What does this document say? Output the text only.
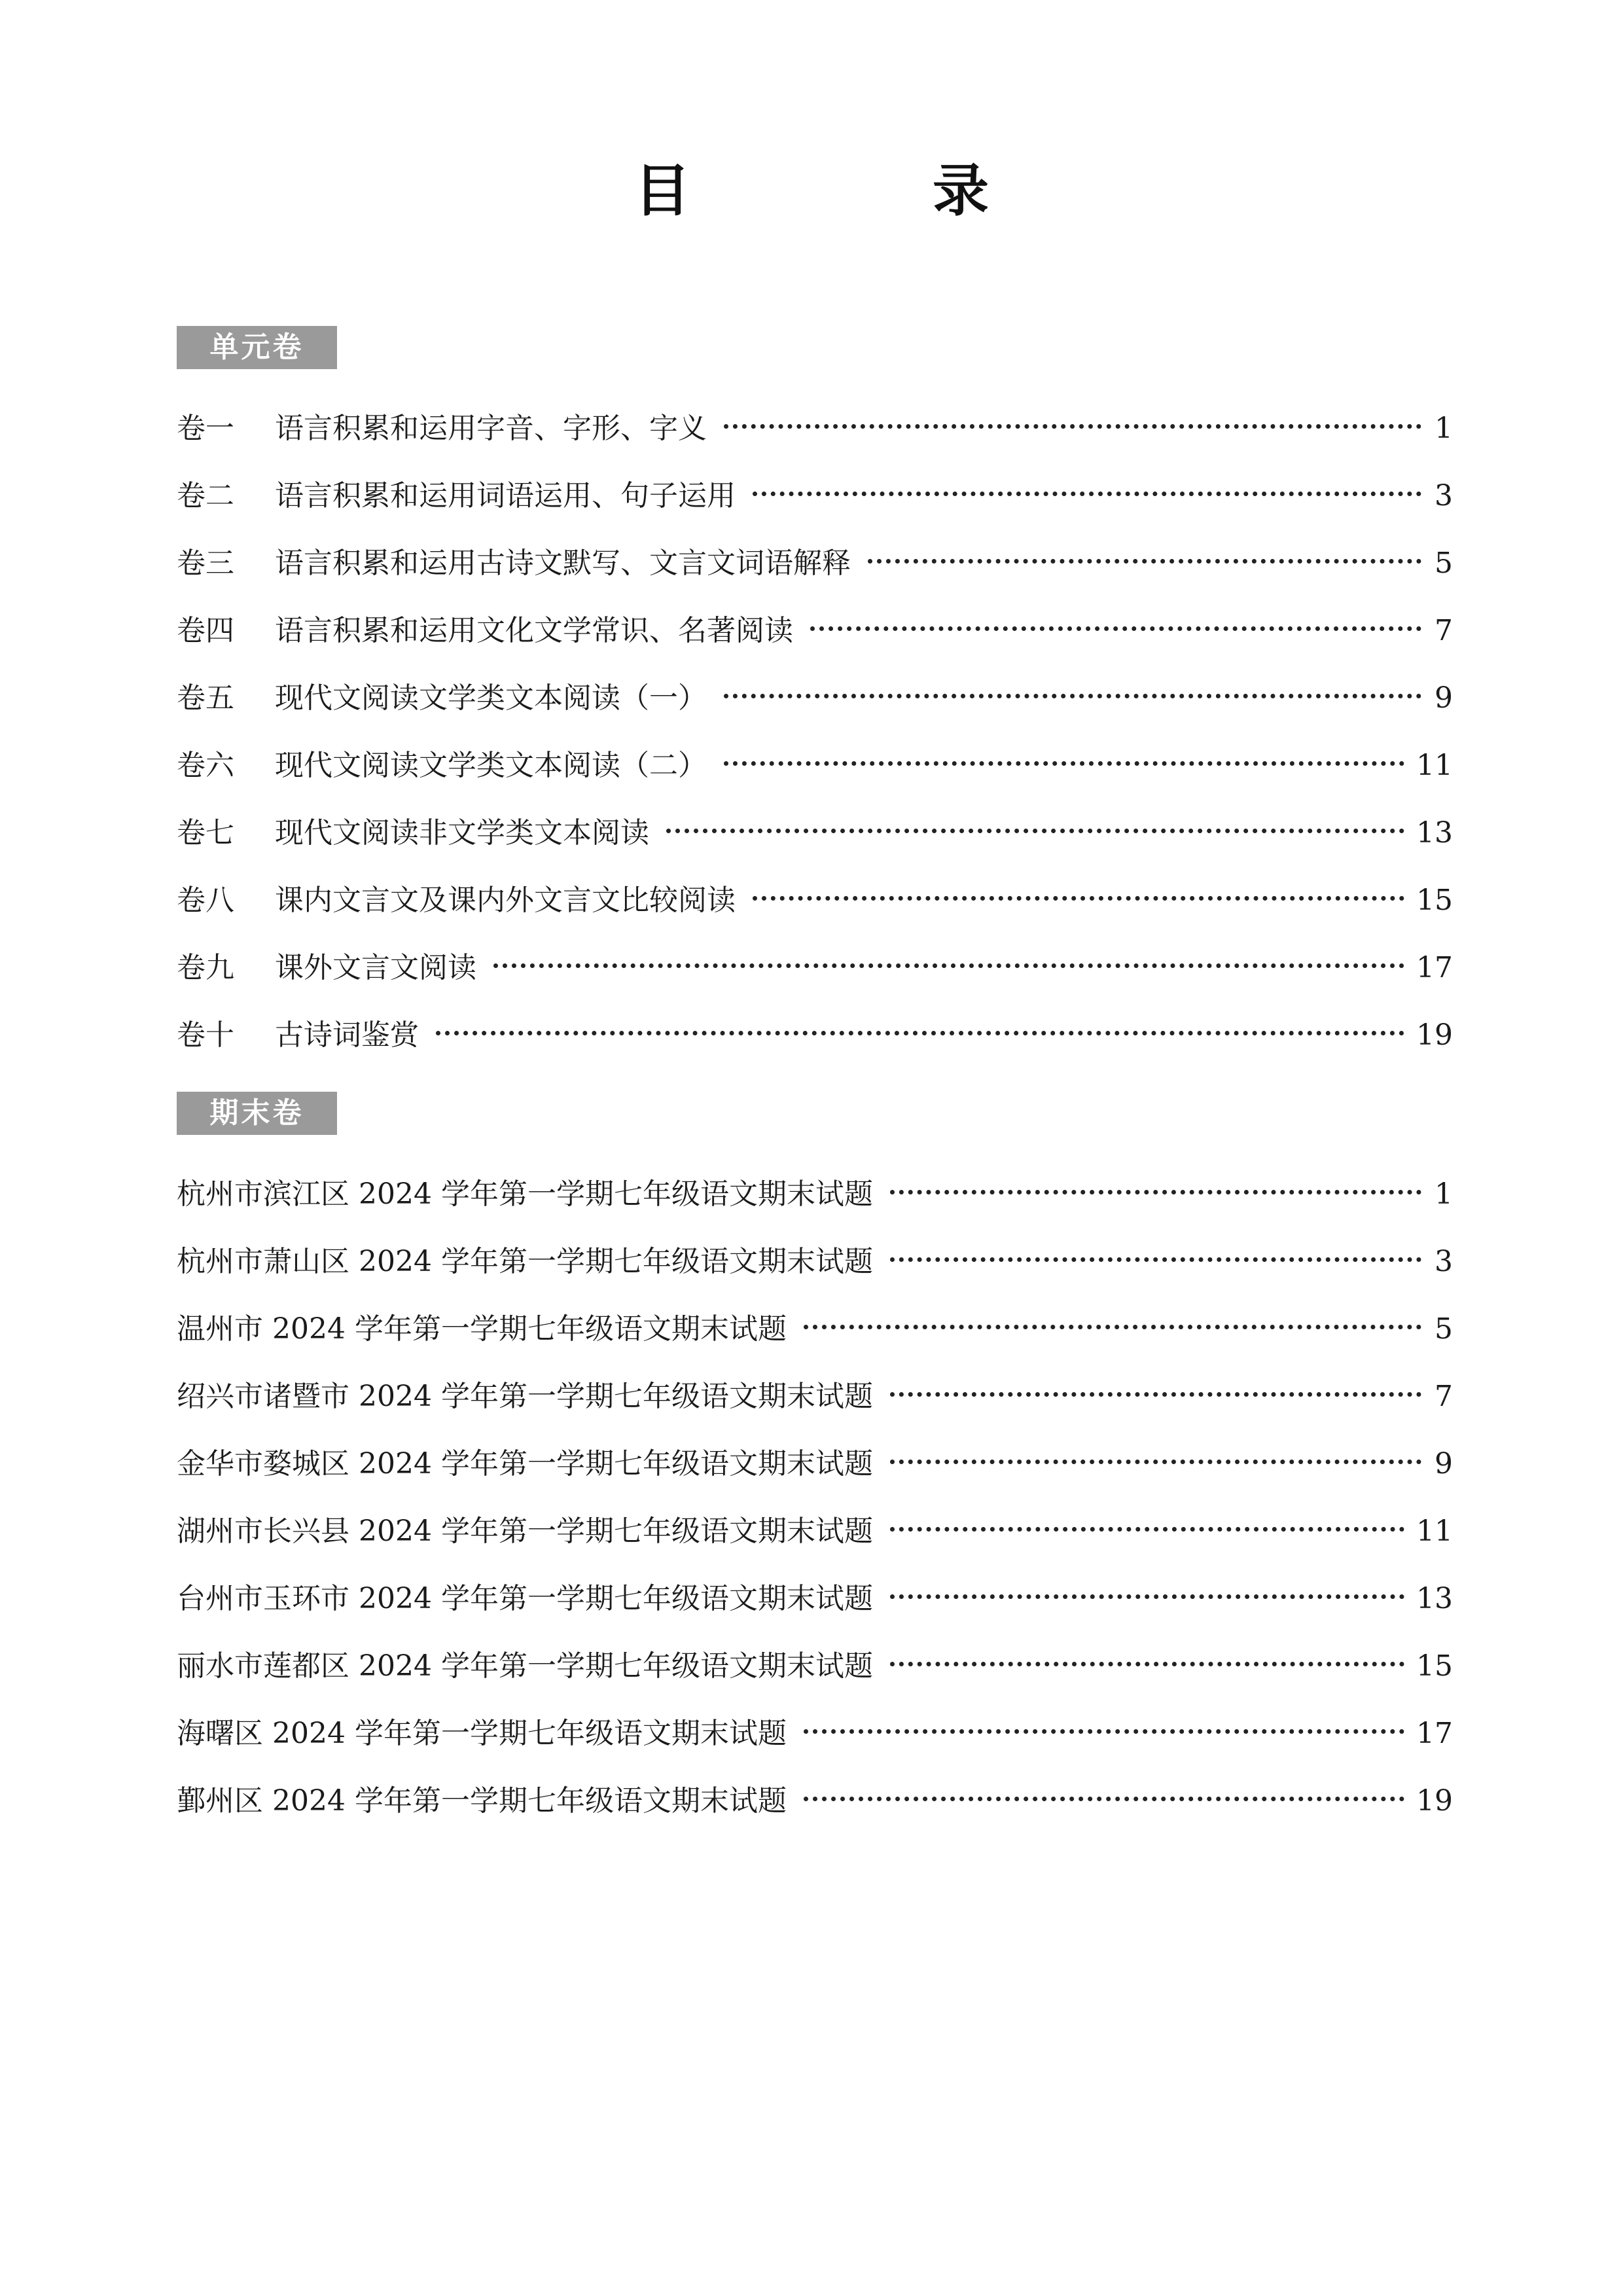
目 录
单元卷
卷一	语言积累和运用字音、字形、字义	1
卷二	语言积累和运用词语运用、句子运用	3
卷三	语言积累和运用古诗文默写、文言文词语解释	5
卷四	语言积累和运用文化文学常识、名著阅读	7
卷五	现代文阅读文学类文本阅读（一）	9
卷六	现代文阅读文学类文本阅读（二）	11
卷七	现代文阅读非文学类文本阅读	13
卷八	课内文言文及课内外文言文比较阅读	15
卷九	课外文言文阅读	17
卷十	古诗词鉴赏	19
期末卷
杭州市滨江区 2024 学年第一学期七年级语文期末试题	1
杭州市萧山区 2024 学年第一学期七年级语文期末试题	3
温州市 2024 学年第一学期七年级语文期末试题	5
绍兴市诸暨市 2024 学年第一学期七年级语文期末试题	7
金华市婺城区 2024 学年第一学期七年级语文期末试题	9
湖州市长兴县 2024 学年第一学期七年级语文期末试题	11
台州市玉环市 2024 学年第一学期七年级语文期末试题	13
丽水市莲都区 2024 学年第一学期七年级语文期末试题	15
海曙区 2024 学年第一学期七年级语文期末试题	17
鄞州区 2024 学年第一学期七年级语文期末试题	19
